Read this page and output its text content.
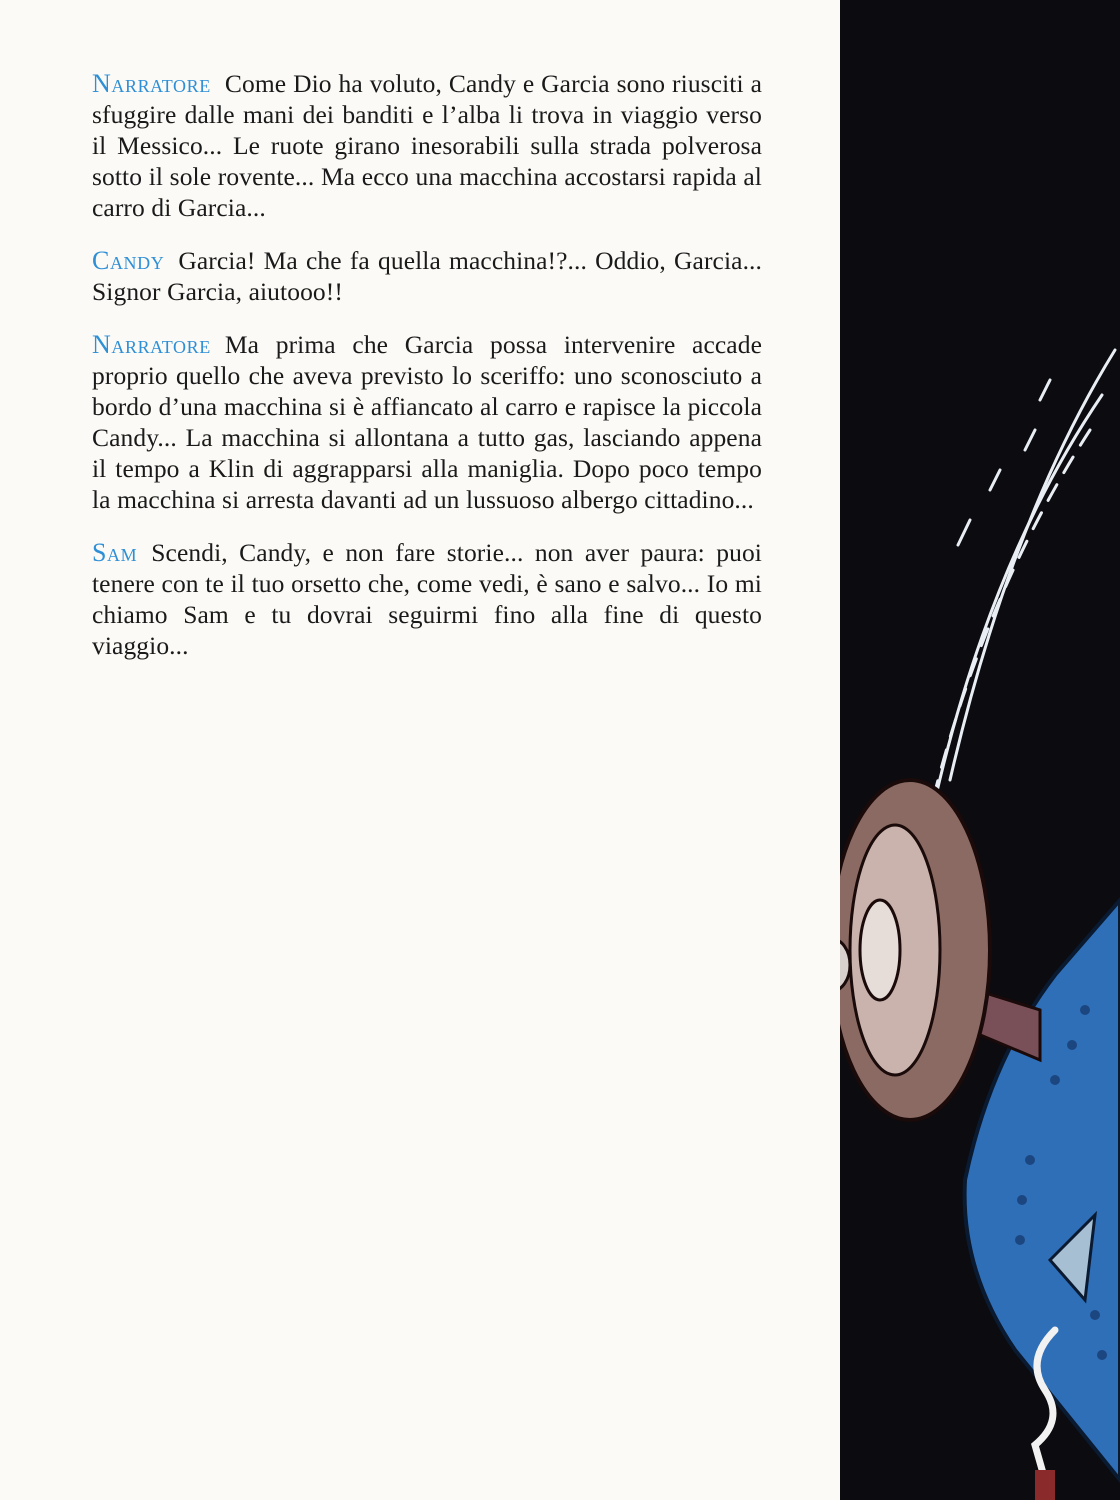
Narratore Come Dio ha voluto, Candy e Garcia sono riusciti a sfuggire dalle mani dei banditi e l’alba li trova in viaggio verso il Messico... Le ruote girano inesorabili sulla strada polverosa sotto il sole rovente... Ma ecco una macchina accostarsi rapida al carro di Garcia...

Candy Garcia! Ma che fa quella macchina!?... Oddio, Garcia... Signor Garcia, aiutooo!!

Narratore Ma prima che Garcia possa intervenire accade proprio quello che aveva previsto lo sceriffo: uno sconosciuto a bordo d’una macchina si è affiancato al carro e rapisce la piccola Candy... La macchina si allontana a tutto gas, lasciando appena il tempo a Klin di aggrapparsi alla maniglia. Dopo poco tempo la macchina si arresta davanti ad un lussuoso albergo cittadino...

Sam Scendi, Candy, e non fare storie... non aver paura: puoi tenere con te il tuo orsetto che, come vedi, è sano e salvo... Io mi chiamo Sam e tu dovrai seguirmi fino alla fine di questo viaggio...
